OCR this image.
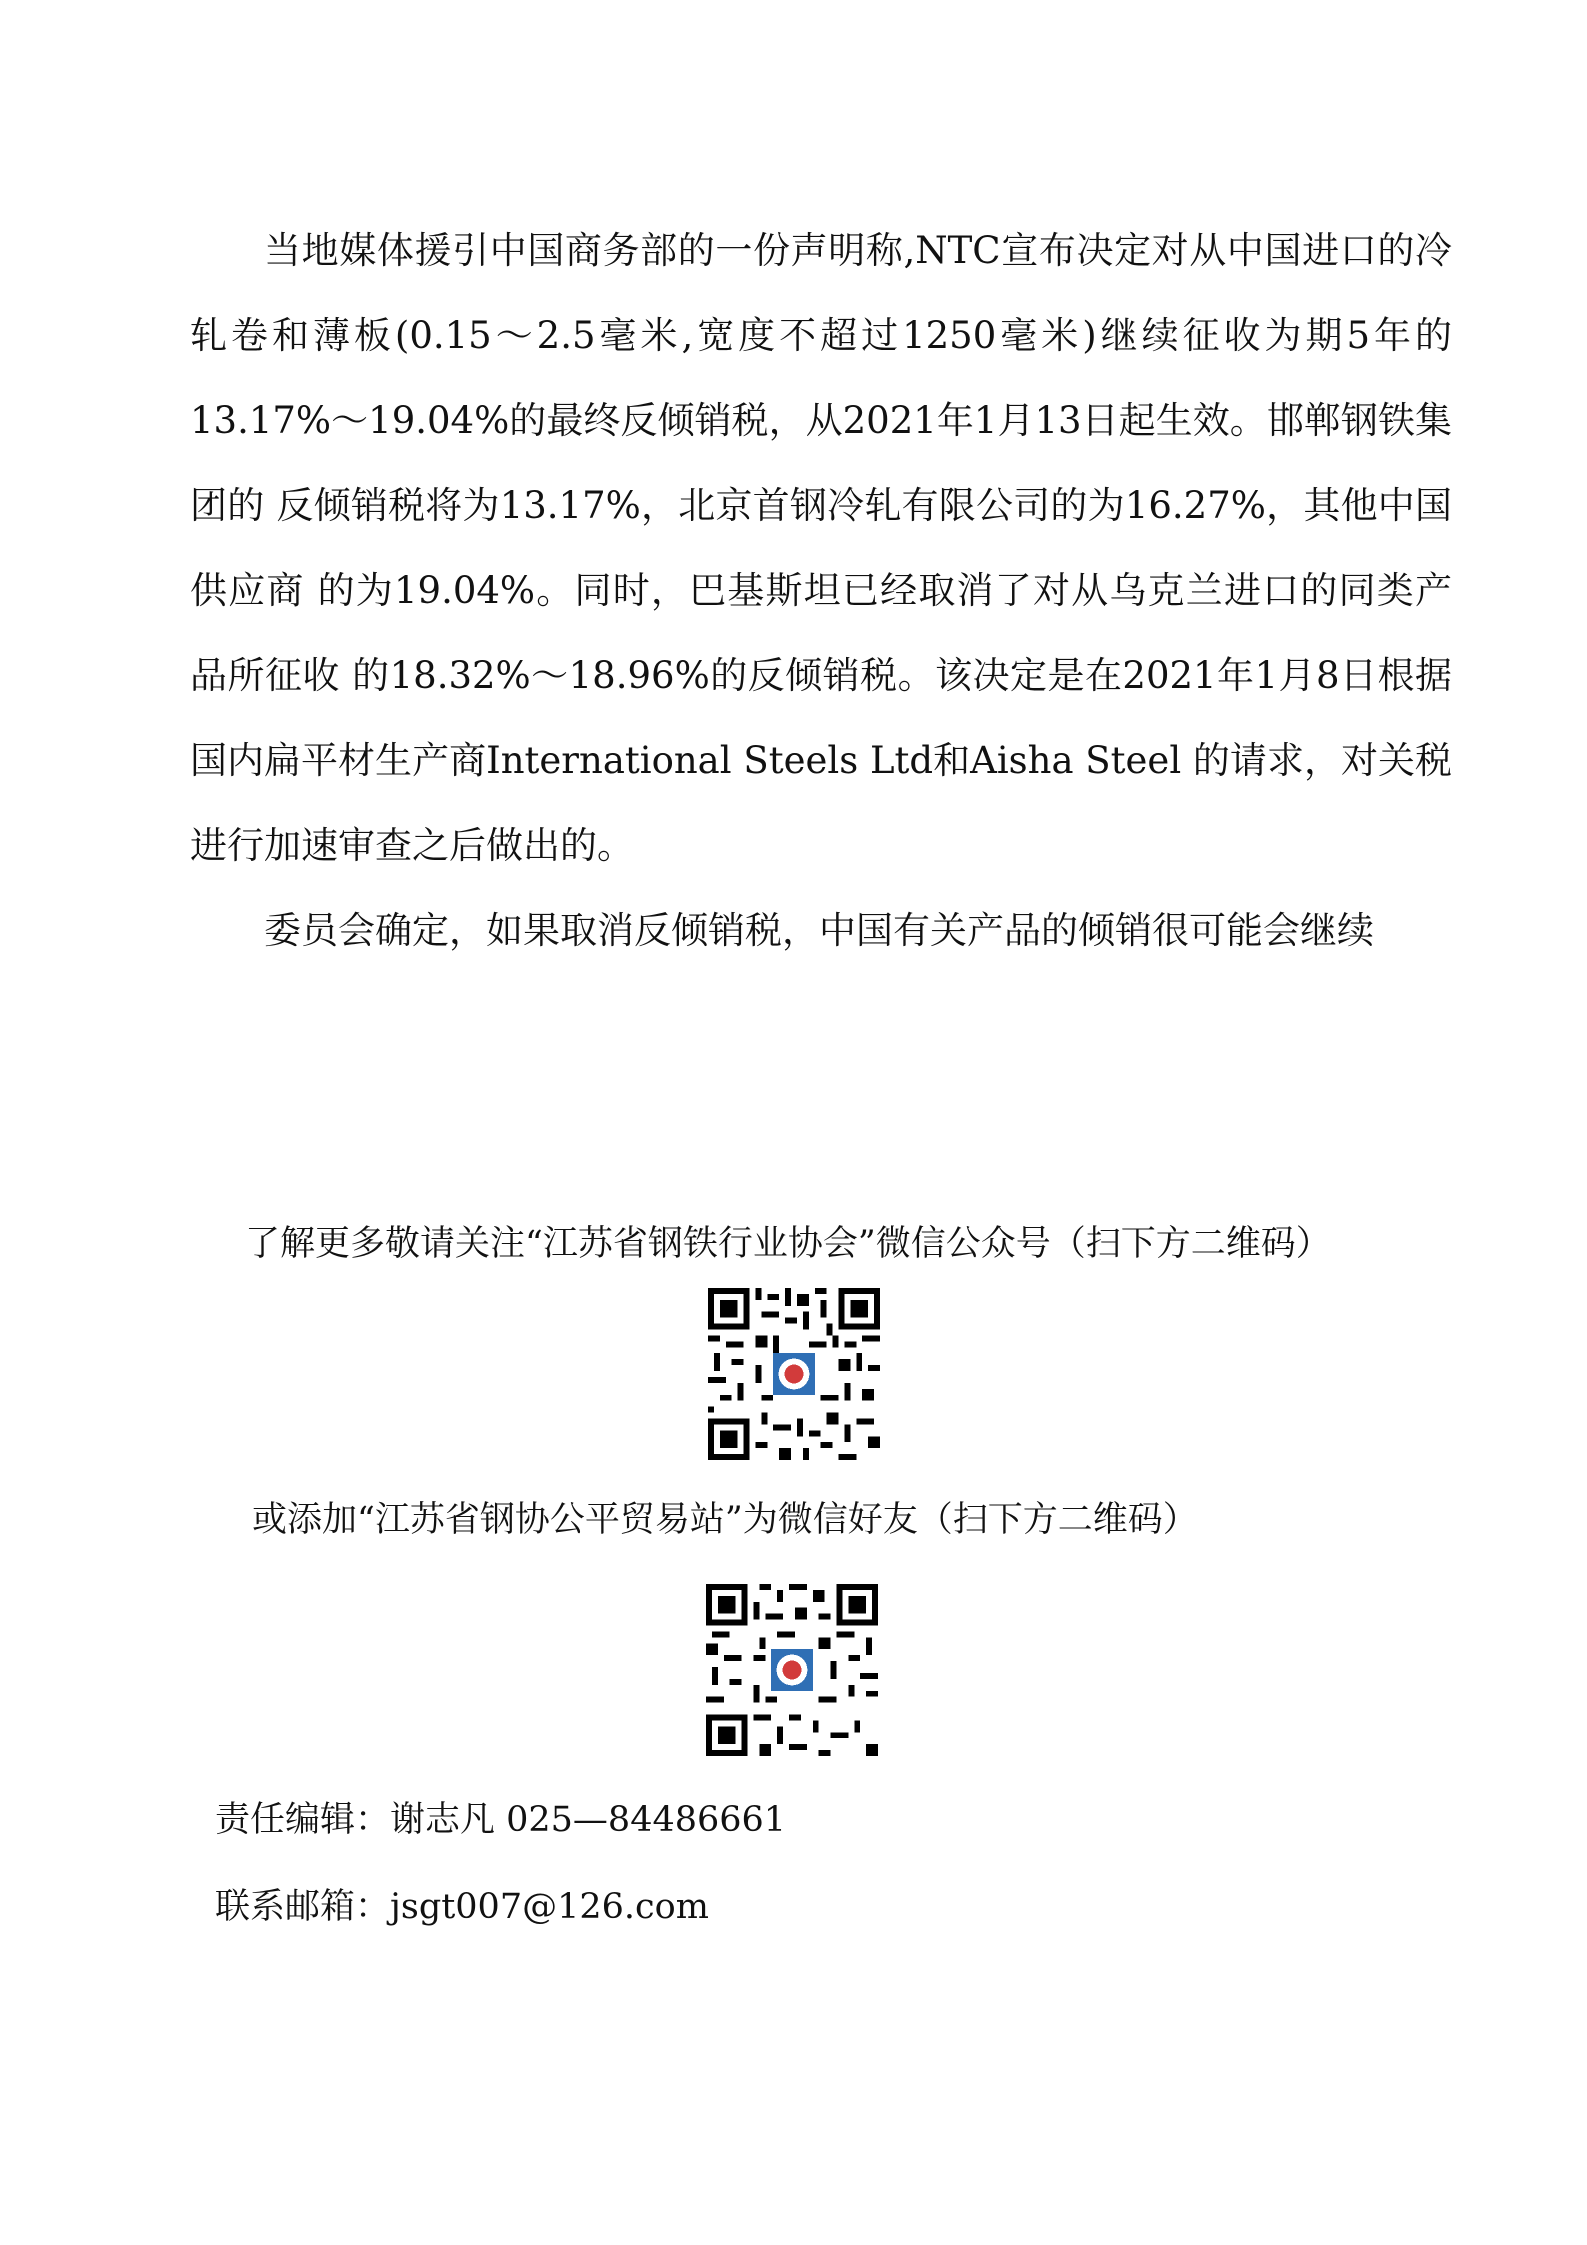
当地媒体援引中国商务部的一份声明称,NTC宣布决定对从中国进口的冷 轧卷和薄板(0.15～2.5毫米,宽度不超过1250毫米)继续征收为期5年的 13.17%～19.04%的最终反倾销税，从2021年1月13日起生效。邯郸钢铁集团的 反倾销税将为13.17%，北京首钢冷轧有限公司的为16.27%，其他中国供应商 的为19.04%。同时，巴基斯坦已经取消了对从乌克兰进口的同类产品所征收 的18.32%～18.96%的反倾销税。该决定是在2021年1月8日根据国内扁平材生产商International Steels Ltd和Aisha Steel 的请求，对关税进行加速审查之后做出的。

委员会确定，如果取消反倾销税，中国有关产品的倾销很可能会继续

了解更多敬请关注“江苏省钢铁行业协会”微信公众号（扫下方二维码）
或添加“江苏省钢协公平贸易站”为微信好友（扫下方二维码）
责任编辑：谢志凡 025—84486661
联系邮箱：jsgt007@126.com
